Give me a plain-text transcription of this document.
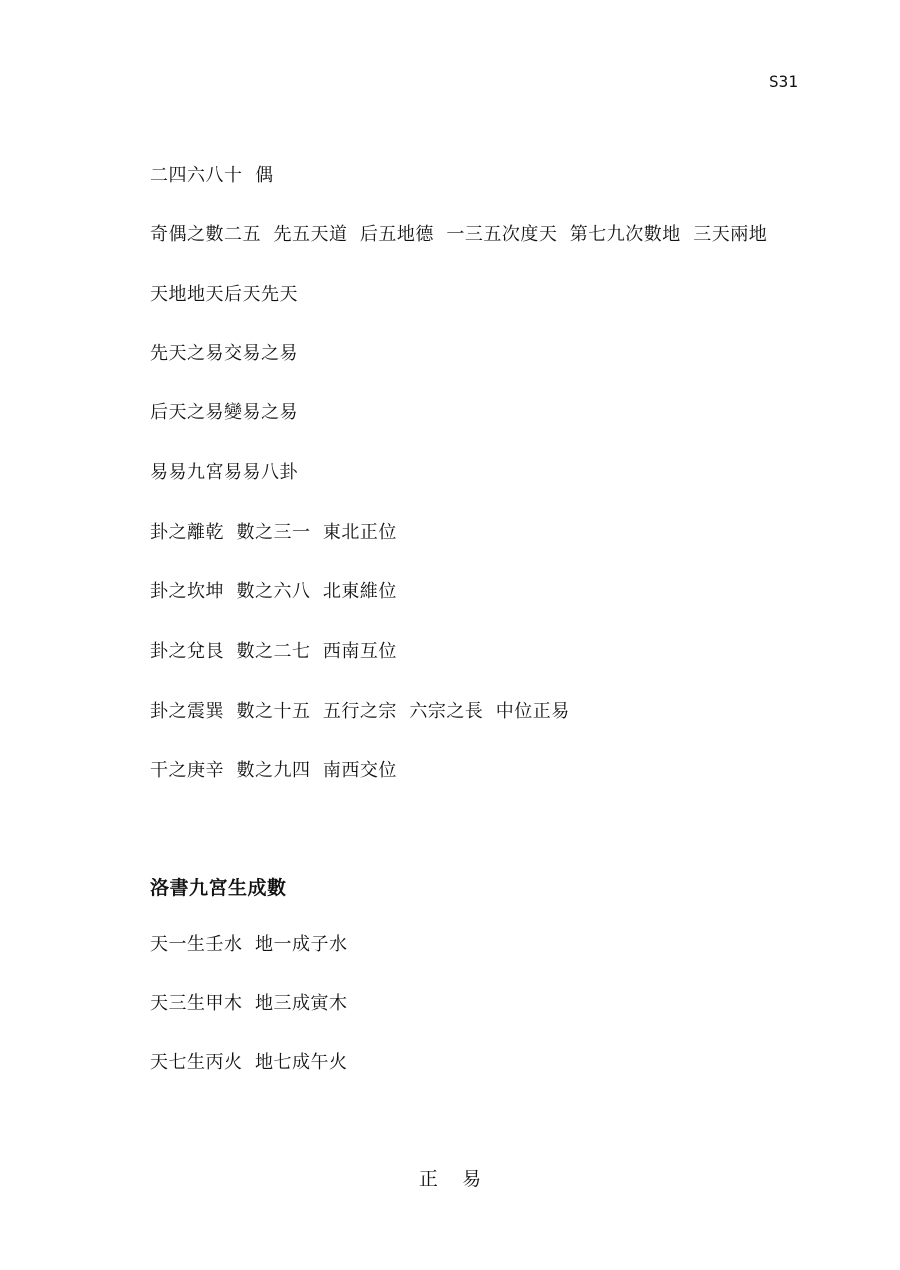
S31
二四六八十  偶
奇偶之數二五  先五天道  后五地德  一三五次度天  第七九次數地  三天兩地
天地地天后天先天
先天之易交易之易
后天之易變易之易
易易九宮易易八卦
卦之離乾  數之三一  東北正位
卦之坎坤  數之六八  北東維位
卦之兌艮  數之二七  西南互位
卦之震巽  數之十五  五行之宗  六宗之長  中位正易
干之庚辛  數之九四  南西交位
洛書九宮生成數
天一生壬水  地一成子水
天三生甲木  地三成寅木
天七生丙火  地七成午火
正    易
